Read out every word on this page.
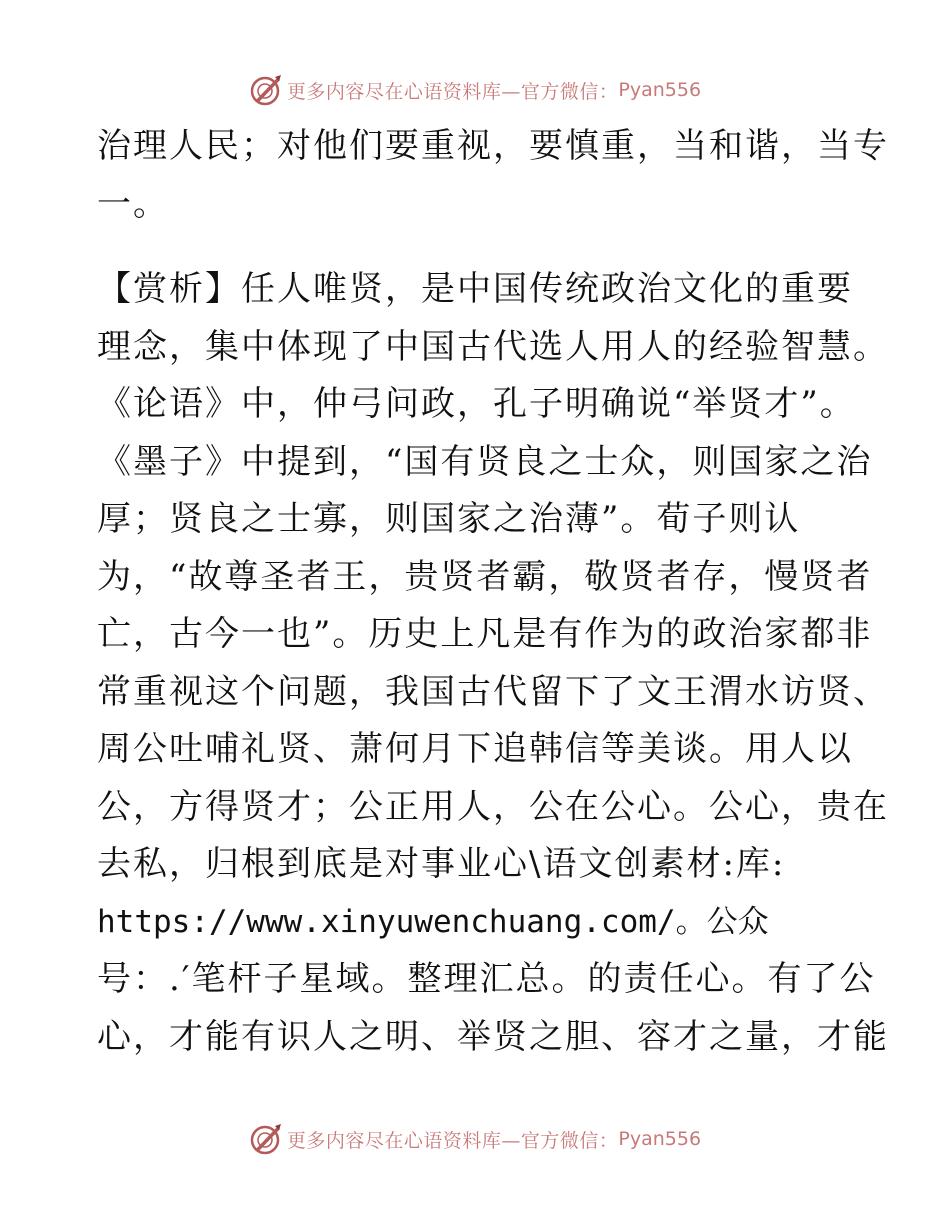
更多内容尽在心语资料库—官方微信： Pyan556
治理人民；对他们要重视，要慎重，当和谐，当专
一。
【赏析】任人唯贤，是中国传统政治文化的重要
理念，集中体现了中国古代选人用人的经验智慧。
《论语》中，仲弓问政，孔子明确说“举贤才”。
《墨子》中提到，“国有贤良之士众，则国家之治
厚；贤良之士寡，则国家之治薄”。荀子则认
为，“故尊圣者王，贵贤者霸，敬贤者存，慢贤者
亡，古今一也”。历史上凡是有作为的政治家都非
常重视这个问题，我国古代留下了文王渭水访贤、
周公吐哺礼贤、萧何月下追韩信等美谈。用人以
公，方得贤才；公正用人，公在公心。公心，贵在
去私，归根到底是对事业心\语文创素材:库:
https://www.xinyuwenchuang.com/。公众
号：.′笔杆子星域。整理汇总。的责任心。有了公
心，才能有识人之明、举贤之胆、容才之量，才能
更多内容尽在心语资料库—官方微信： Pyan556
